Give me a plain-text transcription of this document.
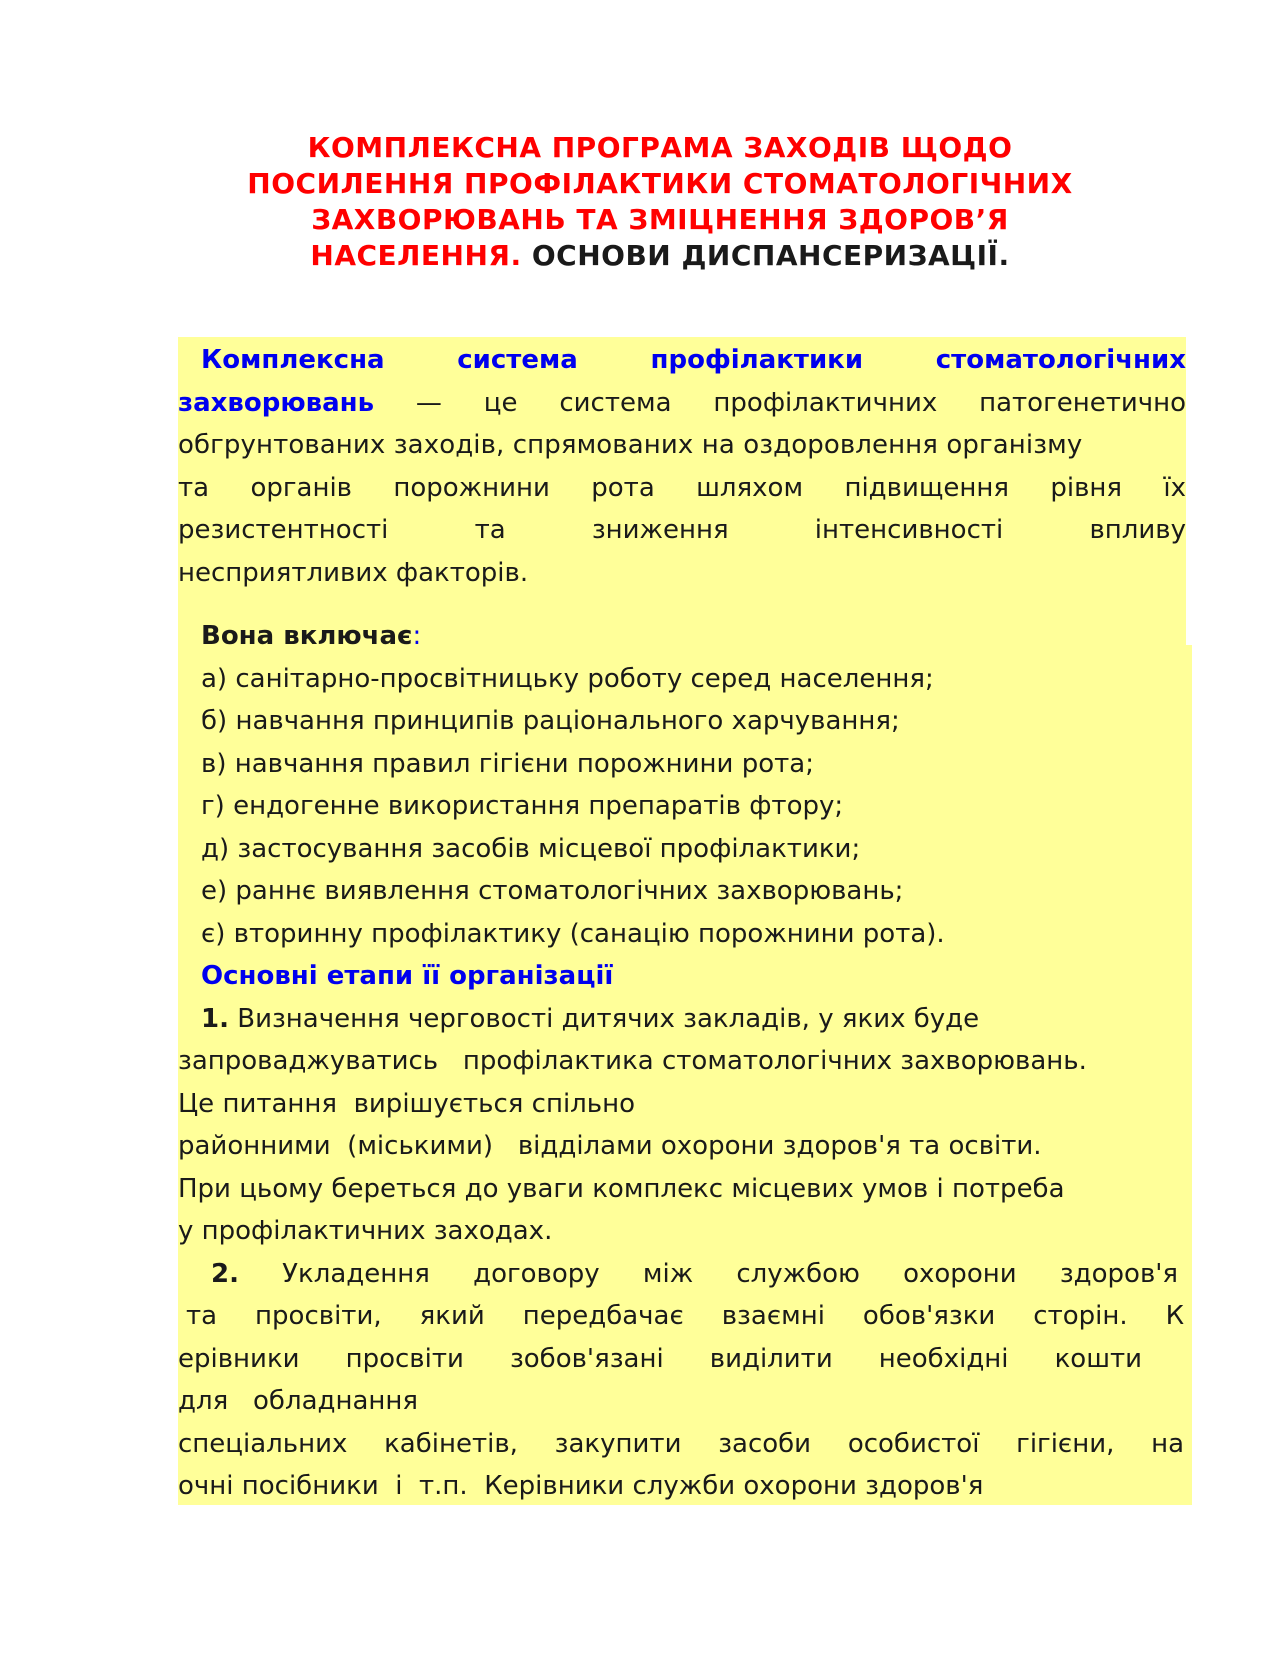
КОМПЛЕКСНА ПРОГРАМА ЗАХОДІВ ЩОДО
ПОСИЛЕННЯ ПРОФІЛАКТИКИ СТОМАТОЛОГІЧНИХ
ЗАХВОРЮВАНЬ ТА ЗМІЦНЕННЯ ЗДОРОВ’Я
НАСЕЛЕННЯ. ОСНОВИ ДИСПАНСЕРИЗАЦІЇ.
Комплексна	система	профілактики	стоматологічних
захворювань — це система профілактичних патогенетично
обгрунтованих заходів, спрямованих на оздоровлення організму
та органів порожнини рота шляхом підвищення рівня їх
резистентності	та	зниження	інтенсивності	впливу
несприятливих факторів.
Вона включає:
а) санітарно-просвітницьку роботу серед населення;
б) навчання принципів раціонального харчування;
в) навчання правил гігієни порожнини рота;
г) ендогенне використання препаратів фтору;
д) застосування засобів місцевої профілактики;
е) раннє виявлення стоматологічних захворювань;
є) вторинну профілактику (санацію порожнини рота).
Основні етапи її організації
1. Визначення черговості дитячих закладів, у яких буде
запроваджуватись   профілактика стоматологічних захворювань.
Це питання  вирішується спільно
районними  (міськими)   відділами охорони здоров'я та освіти.
При цьому береться до уваги комплекс місцевих умов і потреба
у профілактичних заходах.
2. Укладення договору між службою охорони здоров'я
та просвіти, який передбачає взаємні обов'язки сторін. К
ерівники просвіти зобов'язані виділити необхідні кошти
для   обладнання
спеціальних кабінетів, закупити засоби особистої гігієни, на
очні посібники  і  т.п.  Керівники служби охорони здоров'я
